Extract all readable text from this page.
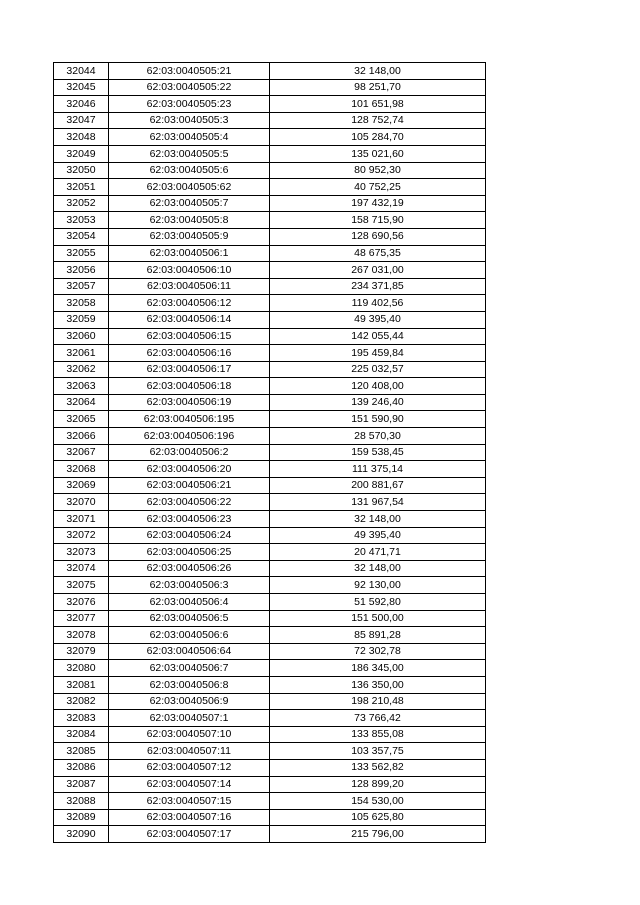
32044	62:03:0040505:21	32 148,00
32045	62:03:0040505:22	98 251,70
32046	62:03:0040505:23	101 651,98
32047	62:03:0040505:3	128 752,74
32048	62:03:0040505:4	105 284,70
32049	62:03:0040505:5	135 021,60
32050	62:03:0040505:6	80 952,30
32051	62:03:0040505:62	40 752,25
32052	62:03:0040505:7	197 432,19
32053	62:03:0040505:8	158 715,90
32054	62:03:0040505:9	128 690,56
32055	62:03:0040506:1	48 675,35
32056	62:03:0040506:10	267 031,00
32057	62:03:0040506:11	234 371,85
32058	62:03:0040506:12	119 402,56
32059	62:03:0040506:14	49 395,40
32060	62:03:0040506:15	142 055,44
32061	62:03:0040506:16	195 459,84
32062	62:03:0040506:17	225 032,57
32063	62:03:0040506:18	120 408,00
32064	62:03:0040506:19	139 246,40
32065	62:03:0040506:195	151 590,90
32066	62:03:0040506:196	28 570,30
32067	62:03:0040506:2	159 538,45
32068	62:03:0040506:20	111 375,14
32069	62:03:0040506:21	200 881,67
32070	62:03:0040506:22	131 967,54
32071	62:03:0040506:23	32 148,00
32072	62:03:0040506:24	49 395,40
32073	62:03:0040506:25	20 471,71
32074	62:03:0040506:26	32 148,00
32075	62:03:0040506:3	92 130,00
32076	62:03:0040506:4	51 592,80
32077	62:03:0040506:5	151 500,00
32078	62:03:0040506:6	85 891,28
32079	62:03:0040506:64	72 302,78
32080	62:03:0040506:7	186 345,00
32081	62:03:0040506:8	136 350,00
32082	62:03:0040506:9	198 210,48
32083	62:03:0040507:1	73 766,42
32084	62:03:0040507:10	133 855,08
32085	62:03:0040507:11	103 357,75
32086	62:03:0040507:12	133 562,82
32087	62:03:0040507:14	128 899,20
32088	62:03:0040507:15	154 530,00
32089	62:03:0040507:16	105 625,80
32090	62:03:0040507:17	215 796,00
